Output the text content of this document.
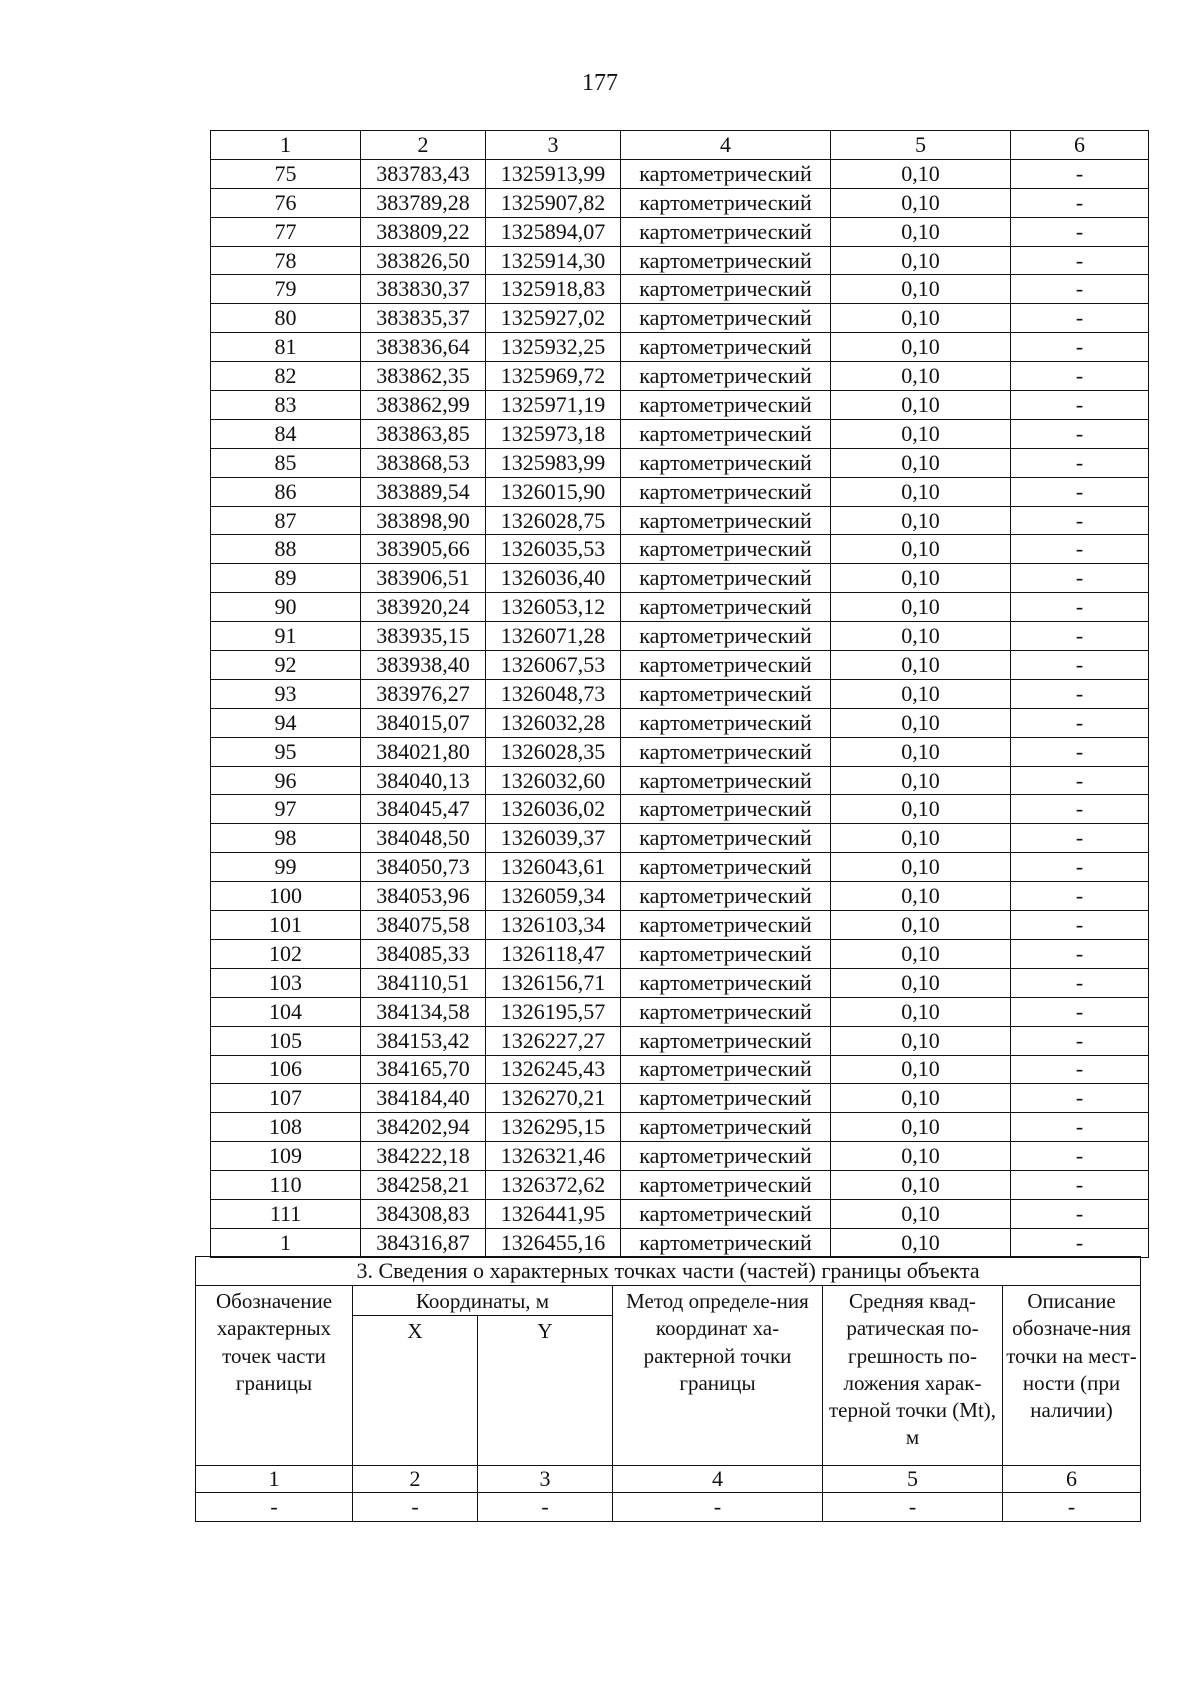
177
1	2	3	4	5	6
75	383783,43	1325913,99	картометрический	0,10	-
76	383789,28	1325907,82	картометрический	0,10	-
77	383809,22	1325894,07	картометрический	0,10	-
78	383826,50	1325914,30	картометрический	0,10	-
79	383830,37	1325918,83	картометрический	0,10	-
80	383835,37	1325927,02	картометрический	0,10	-
81	383836,64	1325932,25	картометрический	0,10	-
82	383862,35	1325969,72	картометрический	0,10	-
83	383862,99	1325971,19	картометрический	0,10	-
84	383863,85	1325973,18	картометрический	0,10	-
85	383868,53	1325983,99	картометрический	0,10	-
86	383889,54	1326015,90	картометрический	0,10	-
87	383898,90	1326028,75	картометрический	0,10	-
88	383905,66	1326035,53	картометрический	0,10	-
89	383906,51	1326036,40	картометрический	0,10	-
90	383920,24	1326053,12	картометрический	0,10	-
91	383935,15	1326071,28	картометрический	0,10	-
92	383938,40	1326067,53	картометрический	0,10	-
93	383976,27	1326048,73	картометрический	0,10	-
94	384015,07	1326032,28	картометрический	0,10	-
95	384021,80	1326028,35	картометрический	0,10	-
96	384040,13	1326032,60	картометрический	0,10	-
97	384045,47	1326036,02	картометрический	0,10	-
98	384048,50	1326039,37	картометрический	0,10	-
99	384050,73	1326043,61	картометрический	0,10	-
100	384053,96	1326059,34	картометрический	0,10	-
101	384075,58	1326103,34	картометрический	0,10	-
102	384085,33	1326118,47	картометрический	0,10	-
103	384110,51	1326156,71	картометрический	0,10	-
104	384134,58	1326195,57	картометрический	0,10	-
105	384153,42	1326227,27	картометрический	0,10	-
106	384165,70	1326245,43	картометрический	0,10	-
107	384184,40	1326270,21	картометрический	0,10	-
108	384202,94	1326295,15	картометрический	0,10	-
109	384222,18	1326321,46	картометрический	0,10	-
110	384258,21	1326372,62	картометрический	0,10	-
111	384308,83	1326441,95	картометрический	0,10	-
1	384316,87	1326455,16	картометрический	0,10	-
3. Сведения о характерных точках части (частей) границы объекта					
Обозначение характерных точек части границы	Координаты, м		Метод определе-ния координат ха-рактерной точки границы	Средняя квад-ратическая по-грешность по-ложения харак-терной точки (Mt), м	Описание обозначе-ния точки на мест-ности (при наличии)
	X	Y			
1	2	3	4	5	6
-	-	-	-	-	-
